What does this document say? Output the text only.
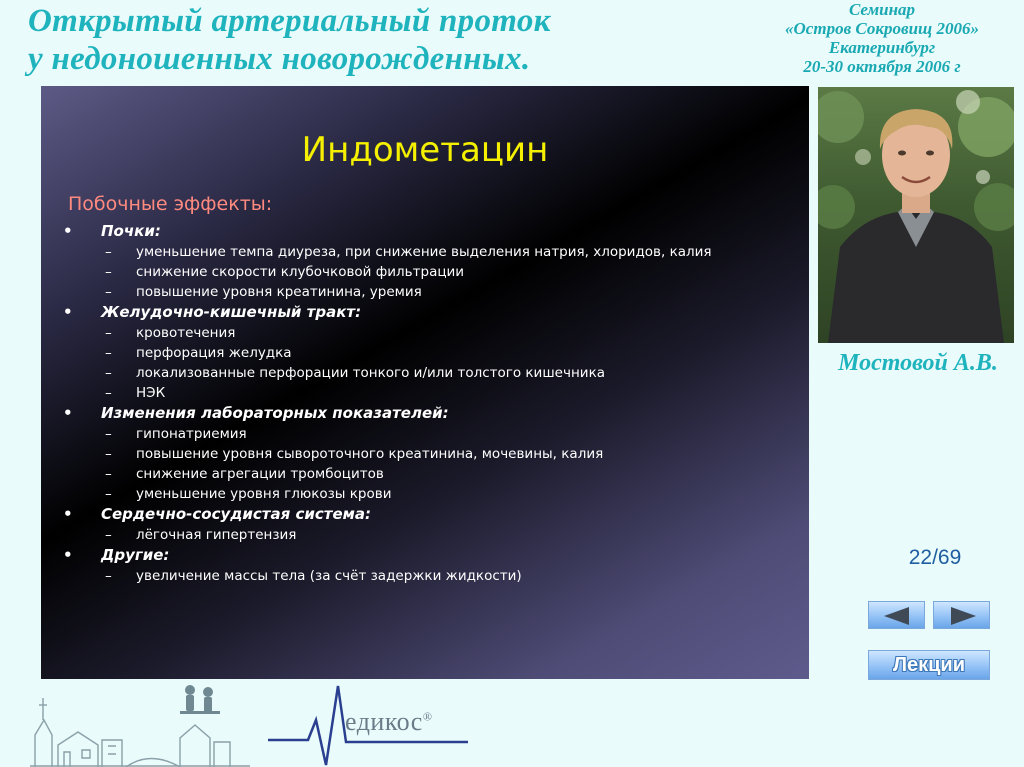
Открытый артериальный проток
у недоношенных новорожденных.
Семинар
«Остров Сокровищ 2006»
Екатеринбург
20-30 октября 2006 г
Индометацин
Побочные эффекты:
• Почки:
– уменьшение темпа диуреза, при снижение выделения натрия, хлоридов, калия
– снижение скорости клубочковой фильтрации
– повышение уровня креатинина, уремия
• Желудочно-кишечный тракт:
– кровотечения
– перфорация желудка
– локализованные перфорации тонкого и/или толстого кишечника
– НЭК
• Изменения лабораторных показателей:
– гипонатриемия
– повышение уровня сывороточного креатинина, мочевины, калия
– снижение агрегации тромбоцитов
– уменьшение уровня глюкозы крови
• Сердечно-сосудистая система:
– лёгочная гипертензия
• Другие:
– увеличение массы тела (за счёт задержки жидкости)
Мостовой А.В.
22/69
Лекции
едикос®
